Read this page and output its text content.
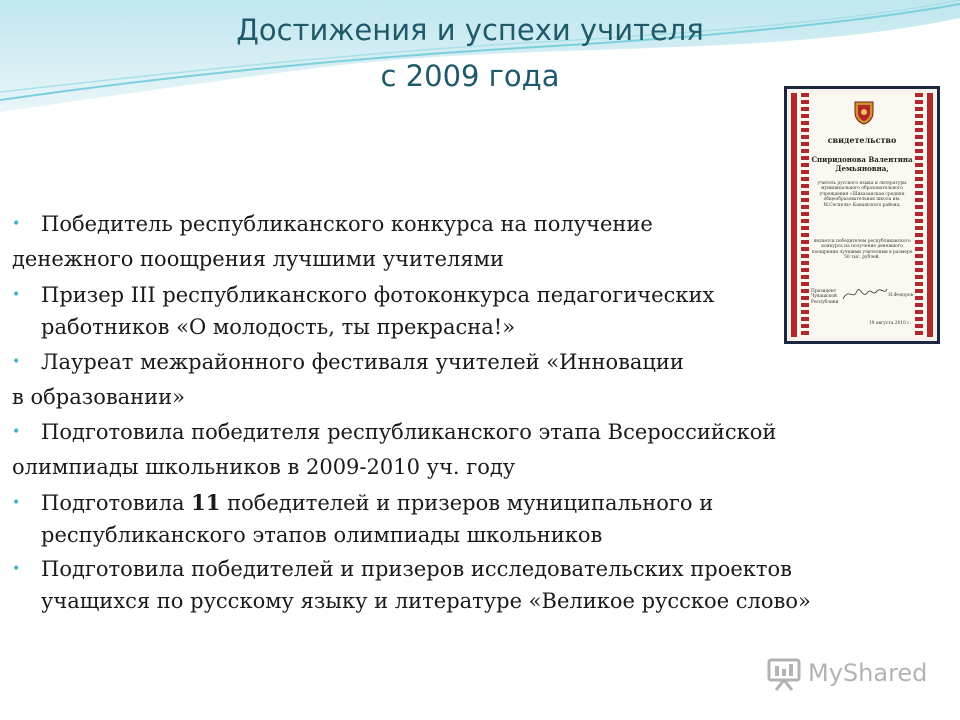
Достижения и успехи учителя
с 2009 года
свидетельство
Спиридонова Валентина
Демьяновна,
учитель русского языка и литературы муниципального образовательного учреждения «Шихазанская средняя общеобразовательная школа им. М.Сеспеля» Канашского района,
является победителем республиканского конкурса на получение денежного поощрения лучшими учителями в размере 50 тыс. рублей.
Президент Чувашской Республики
Н.Федоров
19 августа 2010 г.
• Победитель республиканского конкурса на получение
денежного поощрения лучшими учителями
• Призер III республиканского фотоконкурса педагогических
работников «О молодость, ты прекрасна!»
• Лауреат межрайонного фестиваля учителей «Инновации
в образовании»
• Подготовила победителя республиканского этапа Всероссийской
олимпиады школьников в 2009-2010 уч. году
• Подготовила 11 победителей и призеров муниципального и
республиканского этапов олимпиады школьников
• Подготовила победителей и призеров исследовательских проектов
учащихся по русскому языку и литературе «Великое русское слово»
MyShared
